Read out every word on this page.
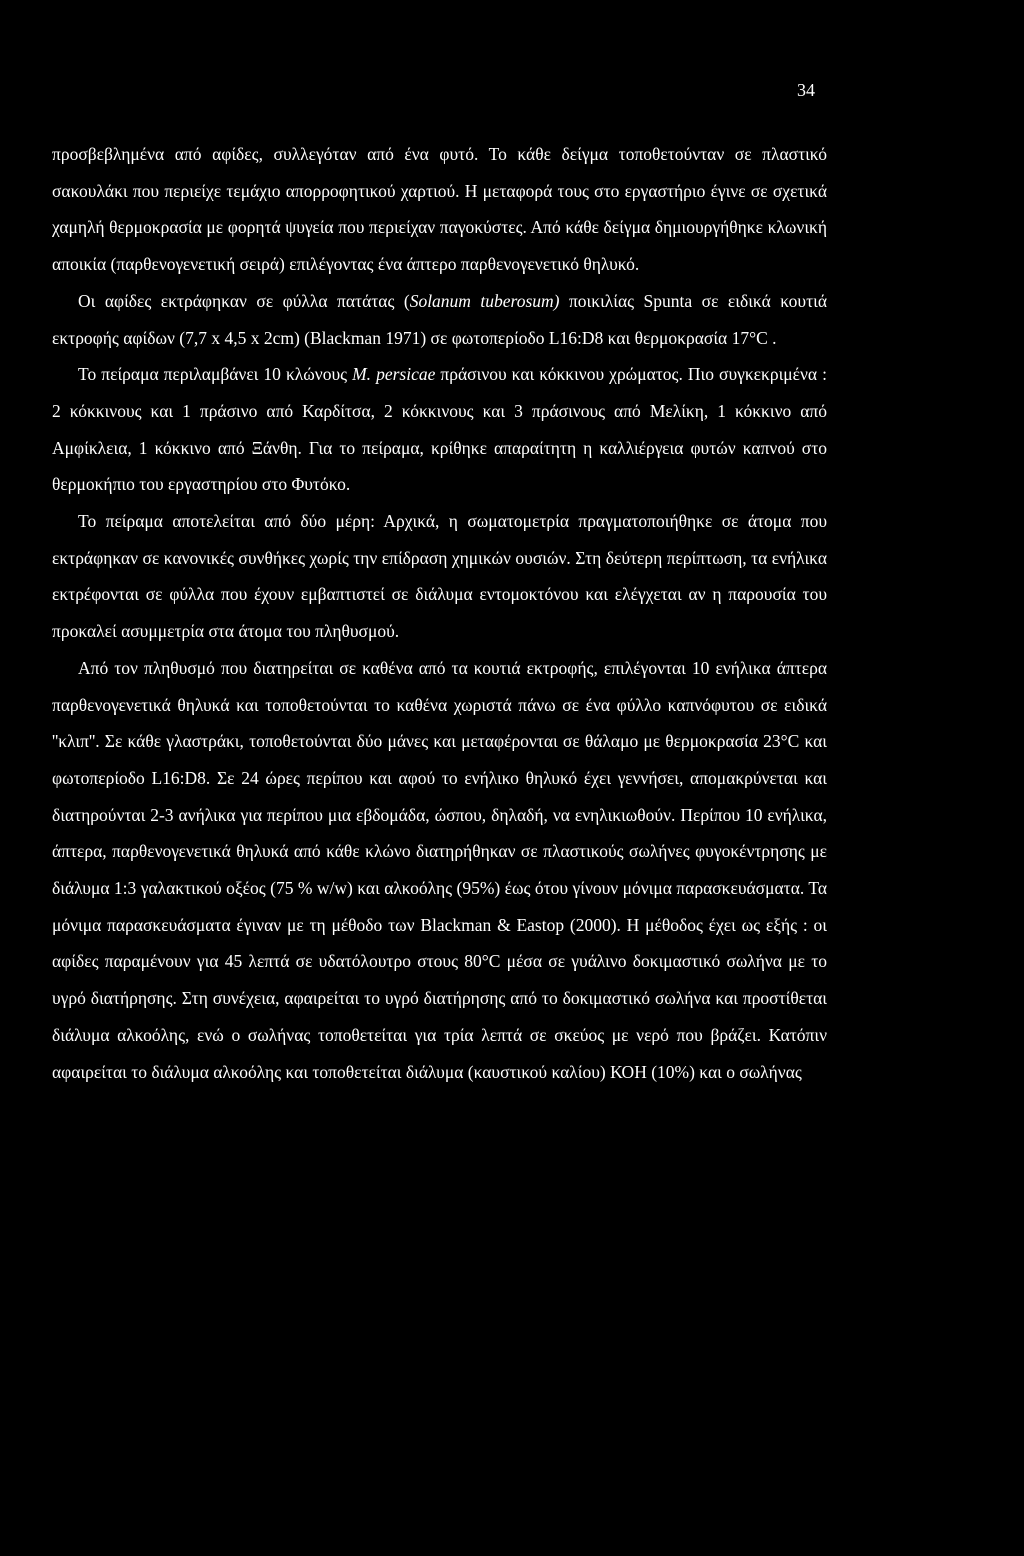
34

προσβεβλημένα από αφίδες, συλλεγόταν από ένα φυτό. Το κάθε δείγμα τοποθετούνταν σε πλαστικό σακουλάκι που περιείχε τεμάχιο απορροφητικού χαρτιού. Η μεταφορά τους στο εργαστήριο έγινε σε σχετικά χαμηλή θερμοκρασία με φορητά ψυγεία που περιείχαν παγοκύστες. Από κάθε δείγμα δημιουργήθηκε κλωνική αποικία (παρθενογενετική σειρά) επιλέγοντας ένα άπτερο παρθενογενετικό θηλυκό.

Οι αφίδες εκτράφηκαν σε φύλλα πατάτας (Solanum tuberosum) ποικιλίας Spunta σε ειδικά κουτιά εκτροφής αφίδων (7,7 x 4,5 x 2cm) (Blackman 1971) σε φωτοπερίοδο L16:D8 και θερμοκρασία 17°C .

Το πείραμα περιλαμβάνει 10 κλώνους M. persicae πράσινου και κόκκινου χρώματος. Πιο συγκεκριμένα : 2 κόκκινους και 1 πράσινο από Καρδίτσα, 2 κόκκινους και 3 πράσινους από Μελίκη, 1 κόκκινο από Αμφίκλεια, 1 κόκκινο από Ξάνθη. Για το πείραμα, κρίθηκε απαραίτητη η καλλιέργεια φυτών καπνού στο θερμοκήπιο του εργαστηρίου στο Φυτόκο.

Το πείραμα αποτελείται από δύο μέρη: Αρχικά, η σωματομετρία πραγματοποιήθηκε σε άτομα που εκτράφηκαν σε κανονικές συνθήκες χωρίς την επίδραση χημικών ουσιών. Στη δεύτερη περίπτωση, τα ενήλικα εκτρέφονται σε φύλλα που έχουν εμβαπτιστεί σε διάλυμα εντομοκτόνου και ελέγχεται αν η παρουσία του προκαλεί ασυμμετρία στα άτομα του πληθυσμού.

Από τον πληθυσμό που διατηρείται σε καθένα από τα κουτιά εκτροφής, επιλέγονται 10 ενήλικα άπτερα παρθενογενετικά θηλυκά και τοποθετούνται το καθένα χωριστά πάνω σε ένα φύλλο καπνόφυτου σε ειδικά ''κλιπ''. Σε κάθε γλαστράκι, τοποθετούνται δύο μάνες και μεταφέρονται σε θάλαμο με θερμοκρασία 23°C και φωτοπερίοδο L16:D8. Σε 24 ώρες περίπου και αφού το ενήλικο θηλυκό έχει γεννήσει, απομακρύνεται και διατηρούνται 2-3 ανήλικα για περίπου μια εβδομάδα, ώσπου, δηλαδή, να ενηλικιωθούν. Περίπου 10 ενήλικα, άπτερα, παρθενογενετικά θηλυκά από κάθε κλώνο διατηρήθηκαν σε πλαστικούς σωλήνες φυγοκέντρησης με διάλυμα 1:3 γαλακτικού οξέος (75 % w/w) και αλκοόλης (95%) έως ότου γίνουν μόνιμα παρασκευάσματα. Τα μόνιμα παρασκευάσματα έγιναν με τη μέθοδο των Blackman & Eastop (2000). Η μέθοδος έχει ως εξής : οι αφίδες παραμένουν για 45 λεπτά σε υδατόλουτρο στους 80°C μέσα σε γυάλινο δοκιμαστικό σωλήνα με το υγρό διατήρησης. Στη συνέχεια, αφαιρείται το υγρό διατήρησης από το δοκιμαστικό σωλήνα και προστίθεται διάλυμα αλκοόλης, ενώ ο σωλήνας τοποθετείται για τρία λεπτά σε σκεύος με νερό που βράζει. Κατόπιν αφαιρείται το διάλυμα αλκοόλης και τοποθετείται διάλυμα (καυστικού καλίου) ΚΟΗ (10%) και ο σωλήνας
